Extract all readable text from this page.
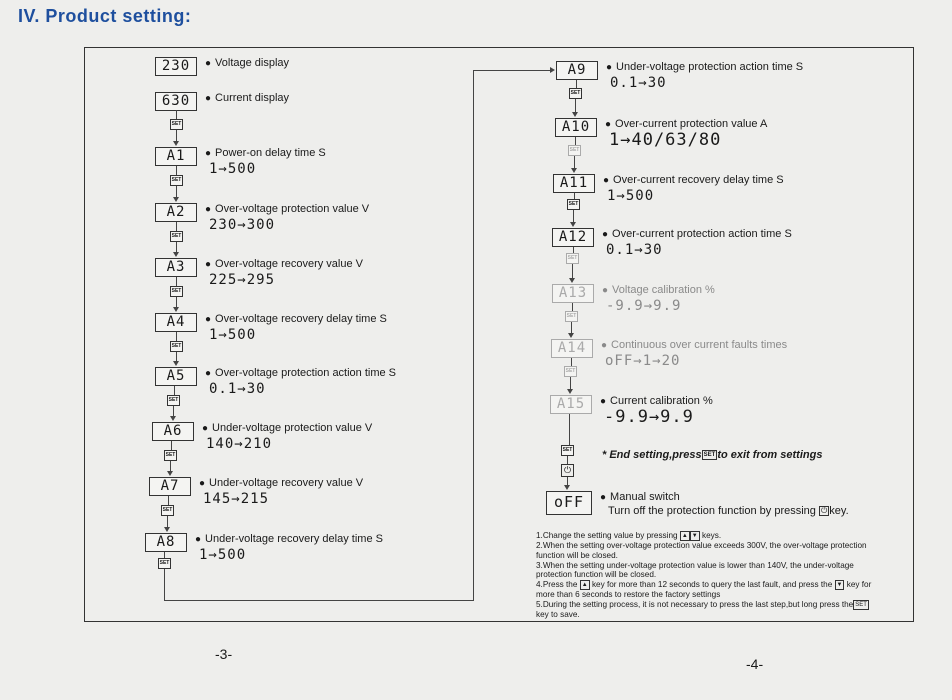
IV. Product setting:
230	● Voltage display
630	● Current display
A1	● Power-on delay time S
1→500
A2	● Over-voltage protection value V
230→300
A3	● Over-voltage recovery value V
225→295
A4	● Over-voltage recovery delay time S
1→500
A5	● Over-voltage protection action time S
0.1→30
A6	● Under-voltage protection value V
140→210
A7	● Under-voltage recovery value V
145→215
A8	● Under-voltage recovery delay time S
1→500
SET
SET
SET
SET
SET
SET
SET
SET
SET
A9	● Under-voltage protection action time S
0.1→30
A10	● Over-current protection value A
1→40/63/80
A11	● Over-current recovery delay time S
1→500
A12	● Over-current protection action time S
0.1→30
A13	● Voltage calibration %
-9.9→9.9
A14	● Continuous over current faults times
oFF→1→20
A15	● Current calibration %
-9.9→9.9
SET
SET
SET
SET
SET
SET
SET
⏻
* End setting,press SET to exit from settings
oFF	● Manual switch
Turn off the protection function by pressing ⏻ key.
1.Change the setting value by pressing ▲ ▼ keys.
2.When the setting over-voltage protection value exceeds 300V, the over-voltage protection function will be closed.
3.When the setting under-voltage protection value is lower than 140V, the under-voltage protection function will be closed.
4.Press the ▲ key for more than 12 seconds to query the last fault, and press the ▼ key for more than 6 seconds to restore the factory settings
5.During the setting process, it is not necessary to press the last step,but long press the SET key to save.
-3-
-4-
